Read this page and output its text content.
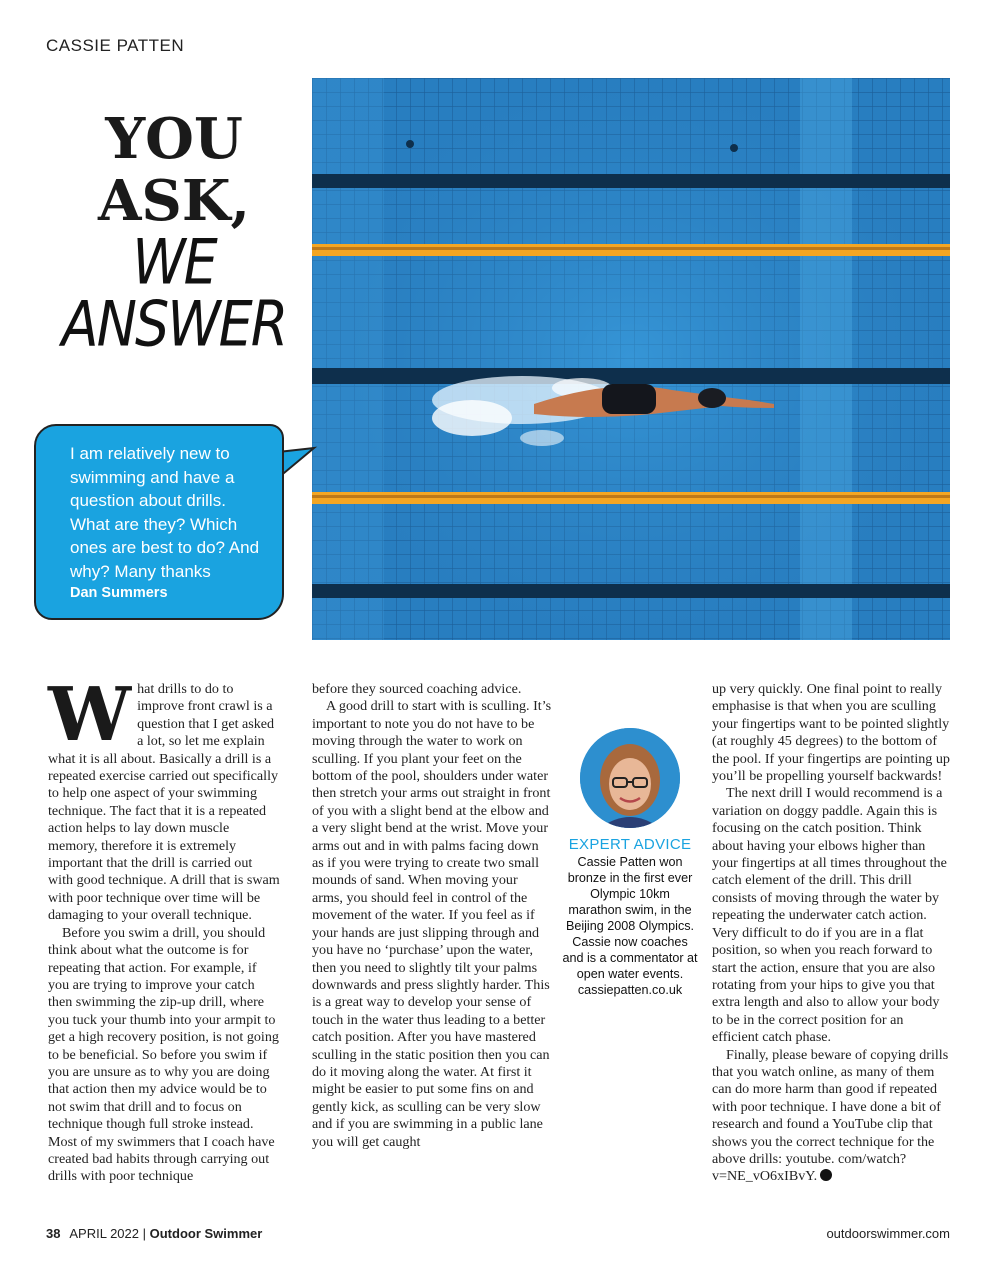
CASSIE PATTEN
YOU
ASK,
WE
ANSWER
I am relatively new to swimming and have a question about drills. What are they? Which ones are best to do? And why? Many thanks
Dan Summers
W hat drills to do to improve front crawl is a question that I get asked a lot, so let me explain what it is all about. Basically a drill is a repeated exercise carried out specifically to help one aspect of your swimming technique. The fact that it is a repeated action helps to lay down muscle memory, therefore it is extremely important that the drill is carried out with good technique. A drill that is swam with poor technique over time will be damaging to your overall technique.

Before you swim a drill, you should think about what the outcome is for repeating that action. For example, if you are trying to improve your catch then swimming the zip-up drill, where you tuck your thumb into your armpit to get a high recovery position, is not going to be beneficial. So before you swim if you are unsure as to why you are doing that action then my advice would be to not swim that drill and to focus on technique though full stroke instead. Most of my swimmers that I coach have created bad habits through carrying out drills with poor technique

before they sourced coaching advice.

A good drill to start with is sculling. It’s important to note you do not have to be moving through the water to work on sculling. If you plant your feet on the bottom of the pool, shoulders under water then stretch your arms out straight in front of you with a slight bend at the elbow and a very slight bend at the wrist. Move your arms out and in with palms facing down as if you were trying to create two small mounds of sand. When moving your arms, you should feel in control of the movement of the water. If you feel as if your hands are just slipping through and you have no ‘purchase’ upon the water, then you need to slightly tilt your palms downwards and press slightly harder. This is a great way to develop your sense of touch in the water thus leading to a better catch position. After you have mastered sculling in the static position then you can do it moving along the water. At first it might be easier to put some fins on and gently kick, as sculling can be very slow and if you are swimming in a public lane you will get caught

EXPERT ADVICE
Cassie Patten won bronze in the first ever Olympic 10km marathon swim, in the Beijing 2008 Olympics. Cassie now coaches and is a commentator at open water events. cassiepatten.co.uk

up very quickly. One final point to really emphasise is that when you are sculling your fingertips want to be pointed slightly (at roughly 45 degrees) to the bottom of the pool. If your fingertips are pointing up you’ll be propelling yourself backwards!

The next drill I would recommend is a variation on doggy paddle. Again this is focusing on the catch position. Think about having your elbows higher than your fingertips at all times throughout the catch element of the drill. This drill consists of moving through the water by repeating the underwater catch action. Very difficult to do if you are in a flat position, so when you reach forward to start the action, ensure that you are also rotating from your hips to give you that extra length and also to allow your body to be in the correct position for an efficient catch phase.

Finally, please beware of copying drills that you watch online, as many of them can do more harm than good if repeated with poor technique. I have done a bit of research and found a YouTube clip that shows you the correct technique for the above drills: youtube. com/watch?v=NE_vO6xIBvY.

38 APRIL 2022 | Outdoor Swimmer	outdoorswimmer.com
